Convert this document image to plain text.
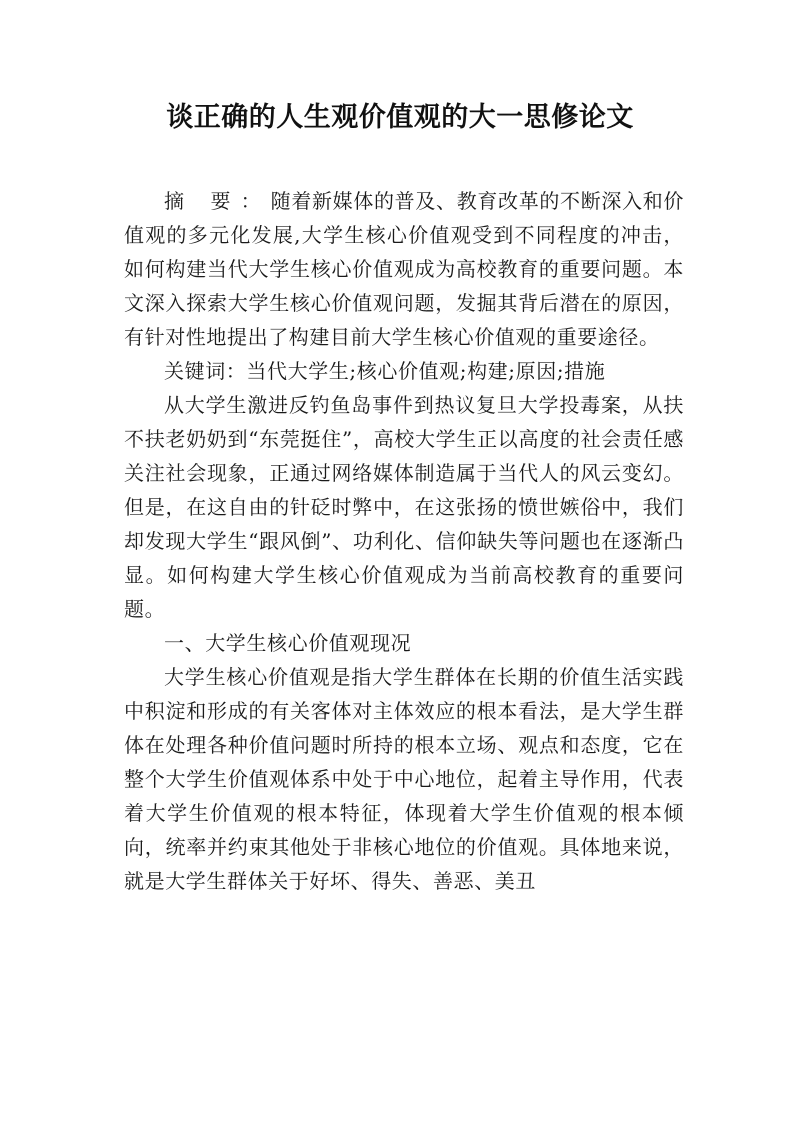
谈正确的人生观价值观的大一思修论文

摘 要：随着新媒体的普及、教育改革的不断深入和价值观的多元化发展,大学生核心价值观受到不同程度的冲击，如何构建当代大学生核心价值观成为高校教育的重要问题。本文深入探索大学生核心价值观问题，发掘其背后潜在的原因，有针对性地提出了构建目前大学生核心价值观的重要途径。

关键词：当代大学生;核心价值观;构建;原因;措施

从大学生激进反钓鱼岛事件到热议复旦大学投毒案，从扶不扶老奶奶到“东莞挺住”，高校大学生正以高度的社会责任感关注社会现象，正通过网络媒体制造属于当代人的风云变幻。但是，在这自由的针砭时弊中，在这张扬的愤世嫉俗中，我们却发现大学生“跟风倒”、功利化、信仰缺失等问题也在逐渐凸显。如何构建大学生核心价值观成为当前高校教育的重要问题。

一、大学生核心价值观现况

大学生核心价值观是指大学生群体在长期的价值生活实践中积淀和形成的有关客体对主体效应的根本看法，是大学生群体在处理各种价值问题时所持的根本立场、观点和态度，它在整个大学生价值观体系中处于中心地位，起着主导作用，代表着大学生价值观的根本特征，体现着大学生价值观的根本倾向，统率并约束其他处于非核心地位的价值观。具体地来说，就是大学生群体关于好坏、得失、善恶、美丑
